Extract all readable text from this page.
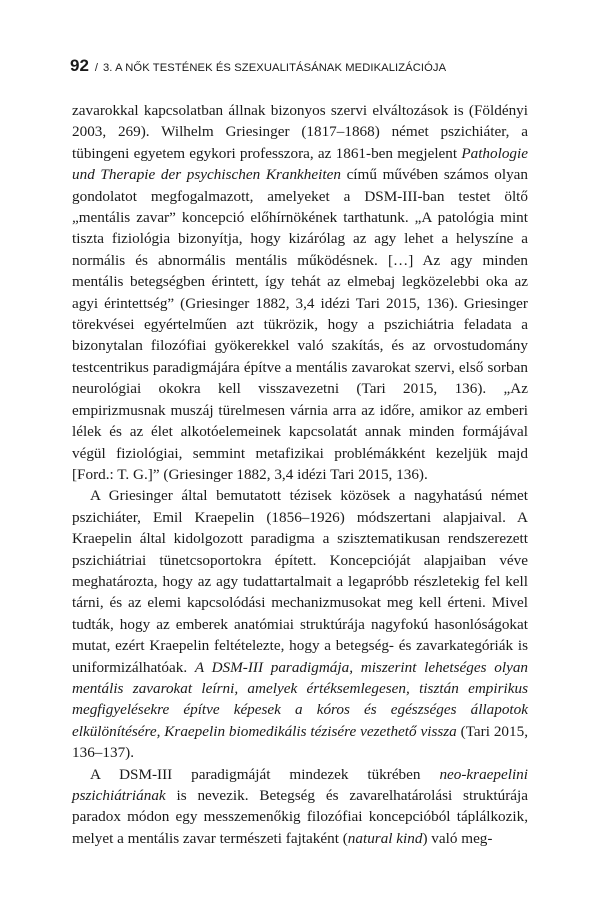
92 / 3. A NŐK TESTÉNEK ÉS SZEXUALITÁSÁNAK MEDIKALIZÁCIÓJA

zavarokkal kapcsolatban állnak bizonyos szervi elváltozások is (Földényi 2003, 269). Wilhelm Griesinger (1817–1868) német pszichiáter, a tübingeni egyetem egykori professzora, az 1861-ben megjelent Pathologie und Therapie der psychischen Krankheiten című művében számos olyan gondolatot megfogalmazott, amelyeket a DSM-III-ban testet öltő „mentális zavar” koncepció előhírnökének tarthatunk. „A patológia mint tiszta fiziológia bizonyítja, hogy kizárólag az agy lehet a helyszíne a normális és abnormális mentális működésnek. […] Az agy minden mentális betegségben érintett, így tehát az elmebaj legközelebbi oka az agyi érintettség” (Griesinger 1882, 3,4 idézi Tari 2015, 136). Griesinger törekvései egyértelműen azt tükrözik, hogy a pszichiátria feladata a bizonytalan filozófiai gyökerekkel való szakítás, és az orvostudomány testcentrikus paradigmájára építve a mentális zavarokat szervi, első sorban neurológiai okokra kell visszavezetni (Tari 2015, 136). „Az empirizmusnak muszáj türelmesen várnia arra az időre, amikor az emberi lélek és az élet alkotóelemeinek kapcsolatát annak minden formájával végül fiziológiai, semmint metafizikai problémákként kezeljük majd [Ford.: T. G.]” (Griesinger 1882, 3,4 idézi Tari 2015, 136).

A Griesinger által bemutatott tézisek közösek a nagyhatású német pszichiáter, Emil Kraepelin (1856–1926) módszertani alapjaival. A Kraepelin által kidolgozott paradigma a szisztematikusan rendszerezett pszichiátriai tünetcsoportokra épített. Koncepcióját alapjaiban véve meghatározta, hogy az agy tudattartalmait a legapróbb részletekig fel kell tárni, és az elemi kapcsolódási mechanizmusokat meg kell érteni. Mivel tudták, hogy az emberek anatómiai struktúrája nagyfokú hasonlóságokat mutat, ezért Kraepelin feltételezte, hogy a betegség- és zavarkategóriák is uniformizálhatóak. A DSM-III paradigmája, miszerint lehetséges olyan mentális zavarokat leírni, amelyek értéksemlegesen, tisztán empirikus megfigyelésekre építve képesek a kóros és egészséges állapotok elkülönítésére, Kraepelin biomedikális tézisére vezethető vissza (Tari 2015, 136–137).

A DSM-III paradigmáját mindezek tükrében neo-kraepelini pszichiátriának is nevezik. Betegség és zavarelhatárolási struktúrája paradox módon egy messzemenőkig filozófiai koncepcióból táplálkozik, melyet a mentális zavar természeti fajtaként (natural kind) való meg-
